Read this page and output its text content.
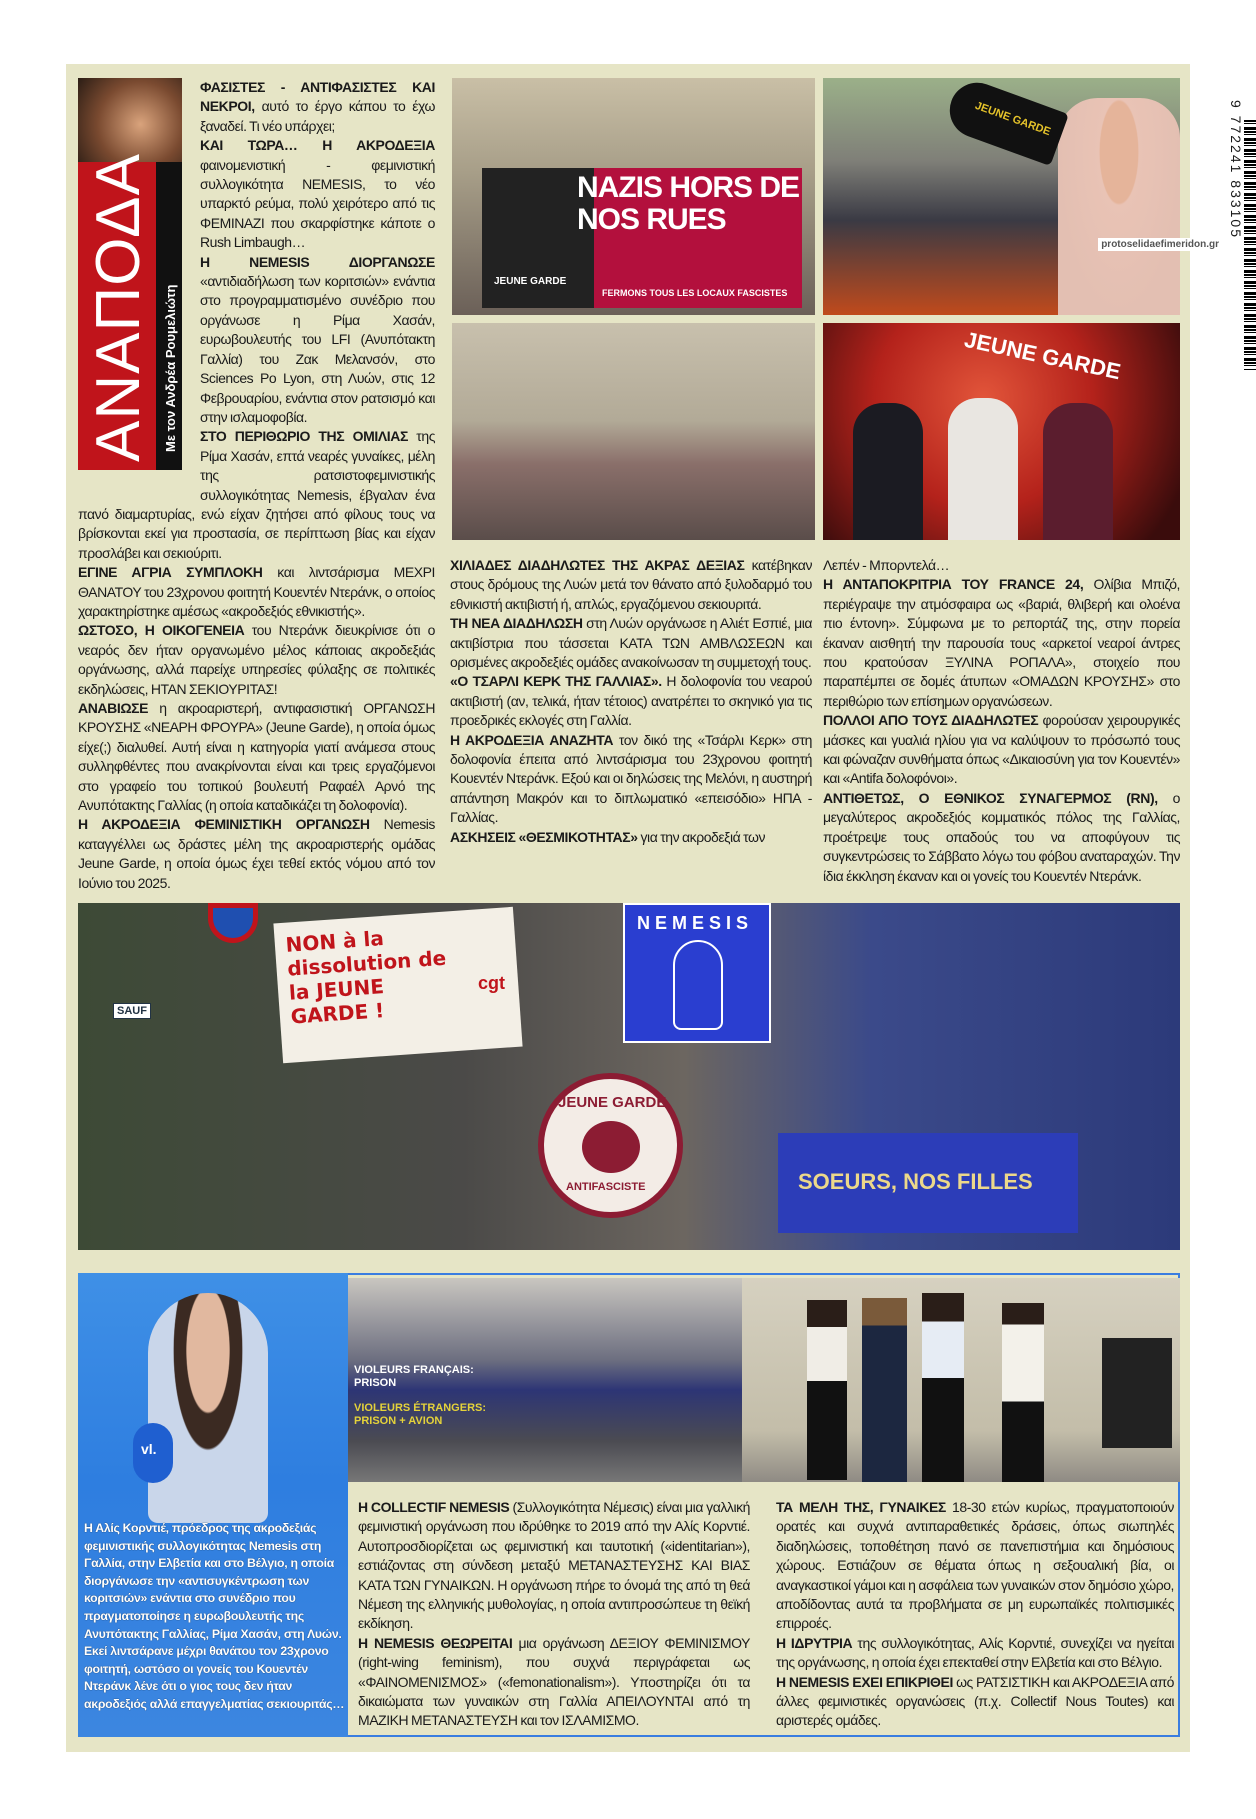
ΑΝΑΠΟΔΑ Με τον Ανδρέα Ρουμελιώτη

ΦΑΣΙΣΤΕΣ - ΑΝΤΙΦΑΣΙΣΤΕΣ ΚΑΙ ΝΕΚΡΟΙ, αυτό το έργο κάπου το έχω ξαναδεί. Τι νέο υπάρχει;

ΚΑΙ ΤΩΡΑ… Η ΑΚΡΟΔΕΞΙΑ φαινομενιστική - φεμινιστική συλλογικότητα NEMESIS, το νέο υπαρκτό ρεύμα, πολύ χειρότερο από τις ΦΕΜΙΝΑΖΙ που σκαρφίστηκε κάποτε ο Rush Limbaugh…

Η NEMESIS ΔΙΟΡΓΑΝΩΣΕ «αντιδιαδήλωση των κοριτσιών» ενάντια στο προγραμματισμένο συνέδριο που οργάνωσε η Ρίμα Χασάν, ευρωβουλευτής του LFI (Ανυπότακτη Γαλλία) του Ζακ Μελανσόν, στο Sciences Po Lyon, στη Λυών, στις 12 Φεβρουαρίου, ενάντια στον ρατσισμό και στην ισλαμοφοβία.

ΣΤΟ ΠΕΡΙΘΩΡΙΟ ΤΗΣ ΟΜΙΛΙΑΣ της Ρίμα Χασάν, επτά νεαρές γυναίκες, μέλη της ρατσιστοφεμινιστικής συλλογικότητας Nemesis, έβγαλαν ένα πανό διαμαρτυρίας, ενώ είχαν ζητήσει από φίλους τους να βρίσκονται εκεί για προστασία, σε περίπτωση βίας και είχαν προσλάβει και σεκιούριτι.

ΕΓΙΝΕ ΑΓΡΙΑ ΣΥΜΠΛΟΚΗ και λιντσάρισμα ΜΕΧΡΙ ΘΑΝΑΤΟΥ του 23χρονου φοιτητή Κουεντέν Ντεράνκ, ο οποίος χαρακτηρίστηκε αμέσως «ακροδεξιός εθνικιστής».

ΩΣΤΟΣΟ, Η ΟΙΚΟΓΕΝΕΙΑ του Ντεράνκ διευκρίνισε ότι ο νεαρός δεν ήταν οργανωμένο μέλος κάποιας ακροδεξιάς οργάνωσης, αλλά παρείχε υπηρεσίες φύλαξης σε πολιτικές εκδηλώσεις, ΗΤΑΝ ΣΕΚΙΟΥΡΙΤΑΣ!

ΑΝΑΒΙΩΣΕ η ακροαριστερή, αντιφασιστική ΟΡΓΑΝΩΣΗ ΚΡΟΥΣΗΣ «ΝΕΑΡΗ ΦΡΟΥΡΑ» (Jeune Garde), η οποία όμως είχε(;) διαλυθεί. Αυτή είναι η κατηγορία γιατί ανάμεσα στους συλληφθέντες που ανακρίνονται είναι και τρεις εργαζόμενοι στο γραφείο του τοπικού βουλευτή Ραφαέλ Αρνό της Ανυπότακτης Γαλλίας (η οποία καταδικάζει τη δολοφονία).

Η ΑΚΡΟΔΕΞΙΑ ΦΕΜΙΝΙΣΤΙΚΗ ΟΡΓΑΝΩΣΗ Nemesis καταγγέλλει ως δράστες μέλη της ακροαριστερής ομάδας Jeune Garde, η οποία όμως έχει τεθεί εκτός νόμου από τον Ιούνιο του 2025.

ΧΙΛΙΑΔΕΣ ΔΙΑΔΗΛΩΤΕΣ ΤΗΣ ΑΚΡΑΣ ΔΕΞΙΑΣ κατέβηκαν στους δρόμους της Λυών μετά τον θάνατο από ξυλοδαρμό του εθνικιστή ακτιβιστή ή, απλώς, εργαζόμενου σεκιουριτά.

ΤΗ ΝΕΑ ΔΙΑΔΗΛΩΣΗ στη Λυών οργάνωσε η Αλιέτ Εσπιέ, μια ακτιβίστρια που τάσσεται ΚΑΤΑ ΤΩΝ ΑΜΒΛΩΣΕΩΝ και ορισμένες ακροδεξιές ομάδες ανακοίνωσαν τη συμμετοχή τους.

«Ο ΤΣΑΡΛΙ ΚΕΡΚ ΤΗΣ ΓΑΛΛΙΑΣ». Η δολοφονία του νεαρού ακτιβιστή (αν, τελικά, ήταν τέτοιος) ανατρέπει το σκηνικό για τις προεδρικές εκλογές στη Γαλλία.

Η ΑΚΡΟΔΕΞΙΑ ΑΝΑΖΗΤΑ τον δικό της «Τσάρλι Κερκ» στη δολοφονία έπειτα από λιντσάρισμα του 23χρονου φοιτητή Κουεντέν Ντεράνκ. Εξού και οι δηλώσεις της Μελόνι, η αυστηρή απάντηση Μακρόν και το διπλωματικό «επεισόδιο» ΗΠΑ - Γαλλίας.

ΑΣΚΗΣΕΙΣ «ΘΕΣΜΙΚΟΤΗΤΑΣ» για την ακροδεξιά των

Λεπέν - Μπορντελά…

Η ΑΝΤΑΠΟΚΡΙΤΡΙΑ ΤΟΥ FRANCE 24, Ολίβια Μπιζό, περιέγραψε την ατμόσφαιρα ως «βαριά, θλιβερή και ολοένα πιο έντονη». Σύμφωνα με το ρεπορτάζ της, στην πορεία έκαναν αισθητή την παρουσία τους «αρκετοί νεαροί άντρες που κρατούσαν ΞΥΛΙΝΑ ΡΟΠΑΛΑ», στοιχείο που παραπέμπει σε δομές άτυπων «ΟΜΑΔΩΝ ΚΡΟΥΣΗΣ» στο περιθώριο των επίσημων οργανώσεων.

ΠΟΛΛΟΙ ΑΠΟ ΤΟΥΣ ΔΙΑΔΗΛΩΤΕΣ φορούσαν χειρουργικές μάσκες και γυαλιά ηλίου για να καλύψουν το πρόσωπό τους και φώναζαν συνθήματα όπως «Δικαιοσύνη για τον Κουεντέν» και «Antifa δολοφόνοι».

ΑΝΤΙΘΕΤΩΣ, Ο ΕΘΝΙΚΟΣ ΣΥΝΑΓΕΡΜΟΣ (RN), ο μεγαλύτερος ακροδεξιός κομματικός πόλος της Γαλλίας, προέτρεψε τους οπαδούς του να αποφύγουν τις συγκεντρώσεις το Σάββατο λόγω του φόβου αναταραχών. Την ίδια έκκληση έκαναν και οι γονείς του Κουεντέν Ντεράνκ.

NAZIS HORS DE NOS RUES
FERMONS TOUS LES LOCAUX FASCISTES
JEUNE GARDE
JEUNE GARDE
JEUNE GARDE
protoselidaefimeridon.gr
9 772241 833105
NON à la dissolution de la JEUNE GARDE !
cgt
SAUF
NEMESIS
JEUNE GARDE
ANTIFASCISTE	SOEURS, NOS FILLES
vl.
Η Αλίς Κορντιέ, πρόεδρος της ακροδεξιάς φεμινιστικής συλλογικότητας Nemesis στη Γαλλία, στην Ελβετία και στο Βέλγιο, η οποία διοργάνωσε την «αντισυγκέντρωση των κοριτσιών» ενάντια στο συνέδριο που πραγματοποίησε η ευρωβουλευτής της Ανυπότακτης Γαλλίας, Ρίμα Χασάν, στη Λυών. Εκεί λιντσάρανε μέχρι θανάτου τον 23χρονο φοιτητή, ωστόσο οι γονείς του Κουεντέν Ντεράνκ λένε ότι ο γιος τους δεν ήταν ακροδεξιός αλλά επαγγελματίας σεκιουριτάς…
VIOLEURS FRANÇAIS: PRISON
VIOLEURS ÉTRANGERS: PRISON + AVION

Η COLLECTIF NEMESIS (Συλλογικότητα Νέμεσις) είναι μια γαλλική φεμινιστική οργάνωση που ιδρύθηκε το 2019 από την Αλίς Κορντιέ. Αυτοπροσδιορίζεται ως φεμινιστική και ταυτοτική («identitarian»), εστιάζοντας στη σύνδεση μεταξύ ΜΕΤΑΝΑΣΤΕΥΣΗΣ ΚΑΙ ΒΙΑΣ ΚΑΤΑ ΤΩΝ ΓΥΝΑΙΚΩΝ. Η οργάνωση πήρε το όνομά της από τη θεά Νέμεση της ελληνικής μυθολογίας, η οποία αντιπροσώπευε τη θεϊκή εκδίκηση.

Η NEMESIS ΘΕΩΡΕΙΤΑΙ μια οργάνωση ΔΕΞΙΟΥ ΦΕΜΙΝΙΣΜΟΥ (right-wing feminism), που συχνά περιγράφεται ως «ΦΑΙΝΟΜΕΝΙΣΜΟΣ» («femonationalism»). Υποστηρίζει ότι τα δικαιώματα των γυναικών στη Γαλλία ΑΠΕΙΛΟΥΝΤΑΙ από τη ΜΑΖΙΚΗ ΜΕΤΑΝΑΣΤΕΥΣΗ και τον ΙΣΛΑΜΙΣΜΟ.

ΤΑ ΜΕΛΗ ΤΗΣ, ΓΥΝΑΙΚΕΣ 18-30 ετών κυρίως, πραγματοποιούν ορατές και συχνά αντιπαραθετικές δράσεις, όπως σιωπηλές διαδηλώσεις, τοποθέτηση πανό σε πανεπιστήμια και δημόσιους χώρους. Εστιάζουν σε θέματα όπως η σεξουαλική βία, οι αναγκαστικοί γάμοι και η ασφάλεια των γυναικών στον δημόσιο χώρο, αποδίδοντας αυτά τα προβλήματα σε μη ευρωπαϊκές πολιτισμικές επιρροές.

Η ΙΔΡΥΤΡΙΑ της συλλογικότητας, Αλίς Κορντιέ, συνεχίζει να ηγείται της οργάνωσης, η οποία έχει επεκταθεί στην Ελβετία και στο Βέλγιο.

Η NEMESIS ΕΧΕΙ ΕΠΙΚΡΙΘΕΙ ως ΡΑΤΣΙΣΤΙΚΗ και ΑΚΡΟΔΕΞΙΑ από άλλες φεμινιστικές οργανώσεις (π.χ. Collectif Nous Toutes) και αριστερές ομάδες.
